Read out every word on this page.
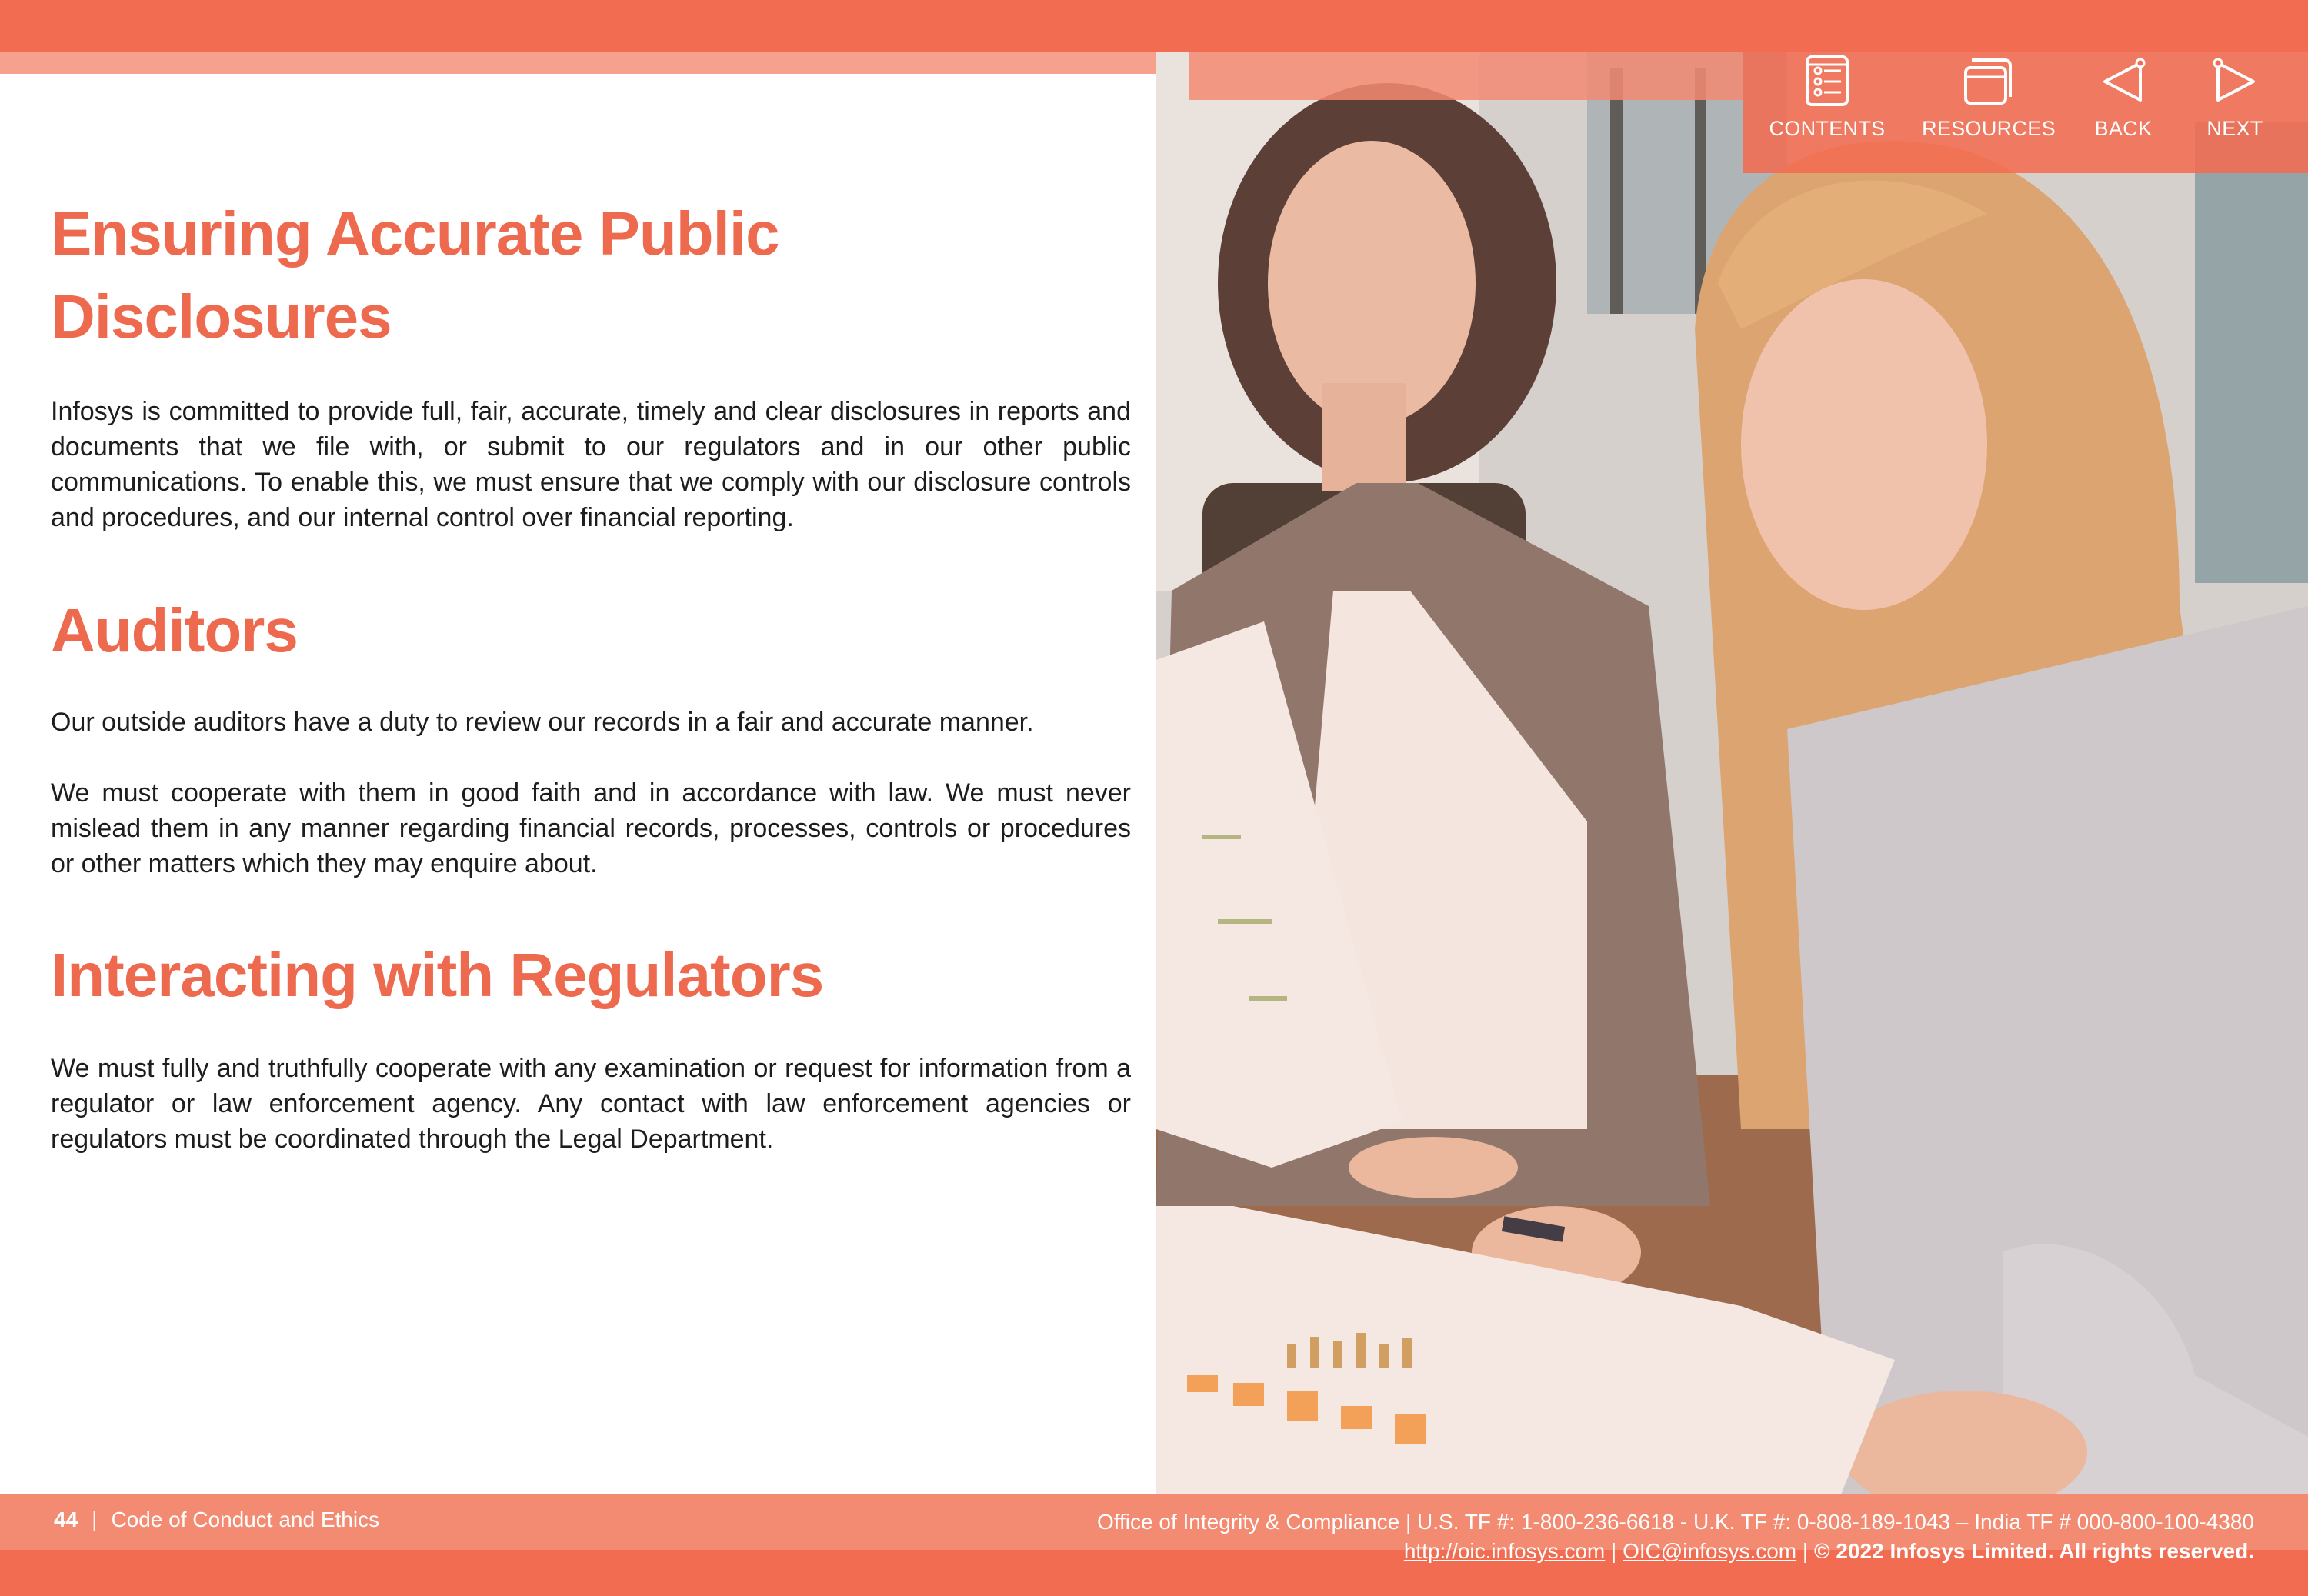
CONTENTS RESOURCES BACK	NEXT
Ensuring Accurate Public Disclosures

Infosys is committed to provide full, fair, accurate, timely and clear disclosures in reports and documents that we file with, or submit to our regulators and in our other public communications. To enable this, we must ensure that we comply with our disclosure controls and procedures, and our internal control over financial reporting.

Auditors

Our outside auditors have a duty to review our records in a fair and accurate manner.

We must cooperate with them in good faith and in accordance with law. We must never mislead them in any manner regarding financial records, processes, controls or procedures or other matters which they may enquire about.

Interacting with Regulators

We must fully and truthfully cooperate with any examination or request for information from a regulator or law enforcement agency. Any contact with law enforcement agencies or regulators must be coordinated through the Legal Department.

44 | Code of Conduct and Ethics	Office of Integrity & Compliance | U.S. TF #: 1-800-236-6618 - U.K. TF #: 0-808-189-1043 – India TF # 000-800-100-4380
http://oic.infosys.com | OIC@infosys.com | © 2022 Infosys Limited. All rights reserved.
